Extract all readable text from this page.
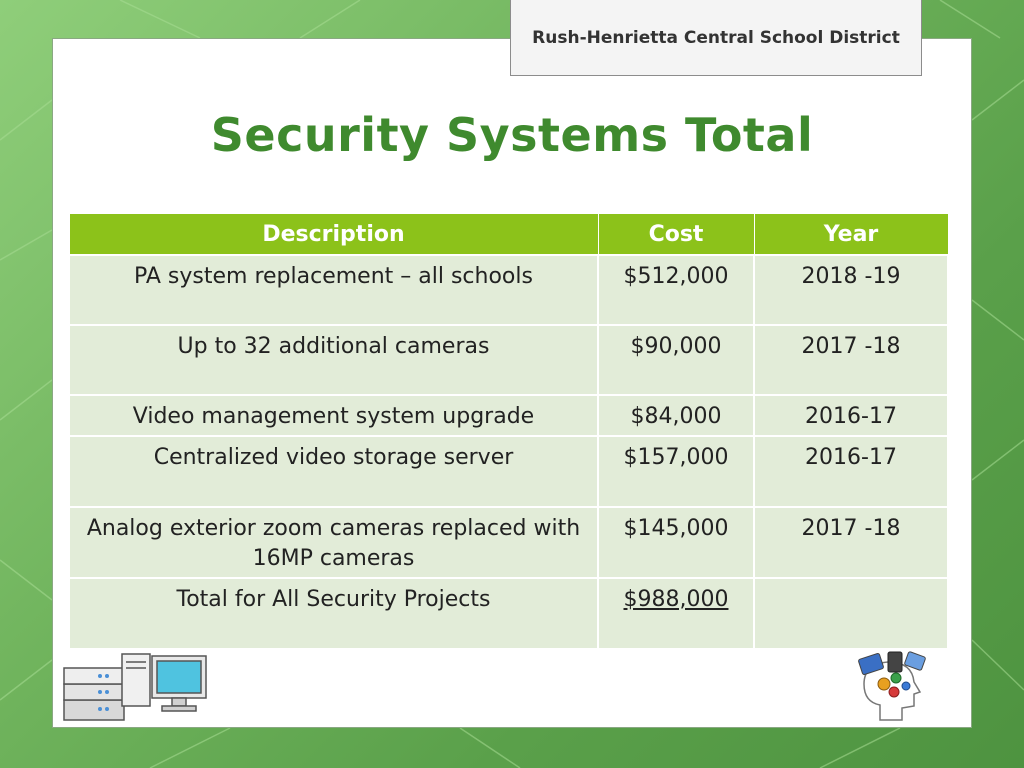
Rush-Henrietta Central School District
Security Systems Total
Description	Cost	Year
PA system replacement – all schools	$512,000	2018 -19
Up to 32 additional cameras	$90,000	2017 -18
Video management system upgrade	$84,000	2016-17
Centralized video storage server	$157,000	2016-17
Analog exterior zoom cameras replaced with 16MP cameras	$145,000	2017 -18
Total for All Security Projects	$988,000	
